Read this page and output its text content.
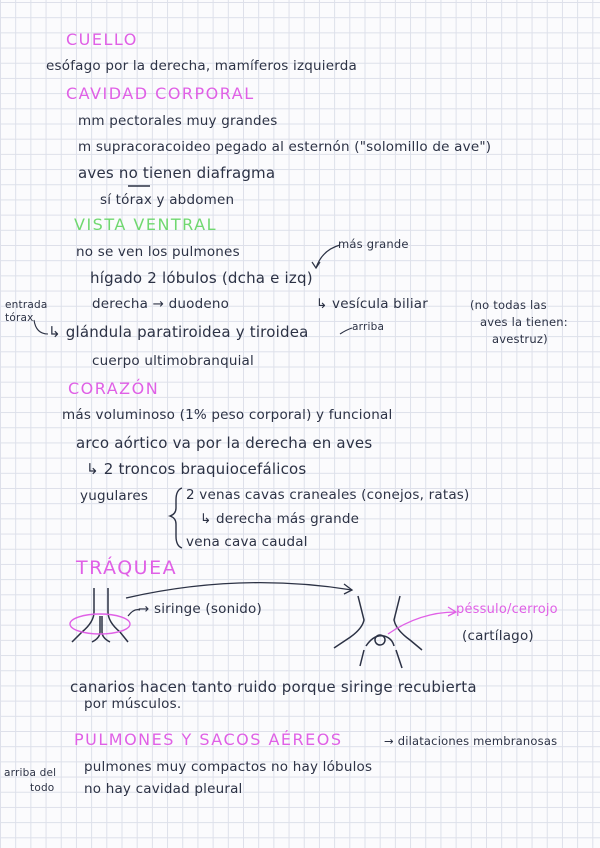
CUELLO
esófago por la derecha, mamíferos izquierda
CAVIDAD CORPORAL
mm pectorales muy grandes
m supracoracoideo pegado al esternón ("solomillo de ave")
aves no tienen diafragma
sí tórax y abdomen
VISTA VENTRAL
no se ven los pulmones	más grande
hígado 2 lóbulos (dcha e izq)
entrada
tórax
derecha → duodeno	↳ vesícula biliar	(no todas las
aves la tienen:
avestruz)
↳ glándula paratiroidea y tiroidea	arriba
cuerpo ultimobranquial
CORAZÓN
más voluminoso (1% peso corporal) y funcional
arco aórtico va por la derecha en aves
↳ 2 troncos braquiocefálicos
yugulares	2 venas cavas craneales (conejos, ratas)
↳ derecha más grande
vena cava caudal
TRÁQUEA
→ siringe (sonido)	péssulo/cerrojo
(cartílago)
canarios hacen tanto ruido porque siringe recubierta
por músculos.
PULMONES Y SACOS AÉREOS	→ dilataciones membranosas
arriba del
todo
pulmones muy compactos no hay lóbulos
no hay cavidad pleural
